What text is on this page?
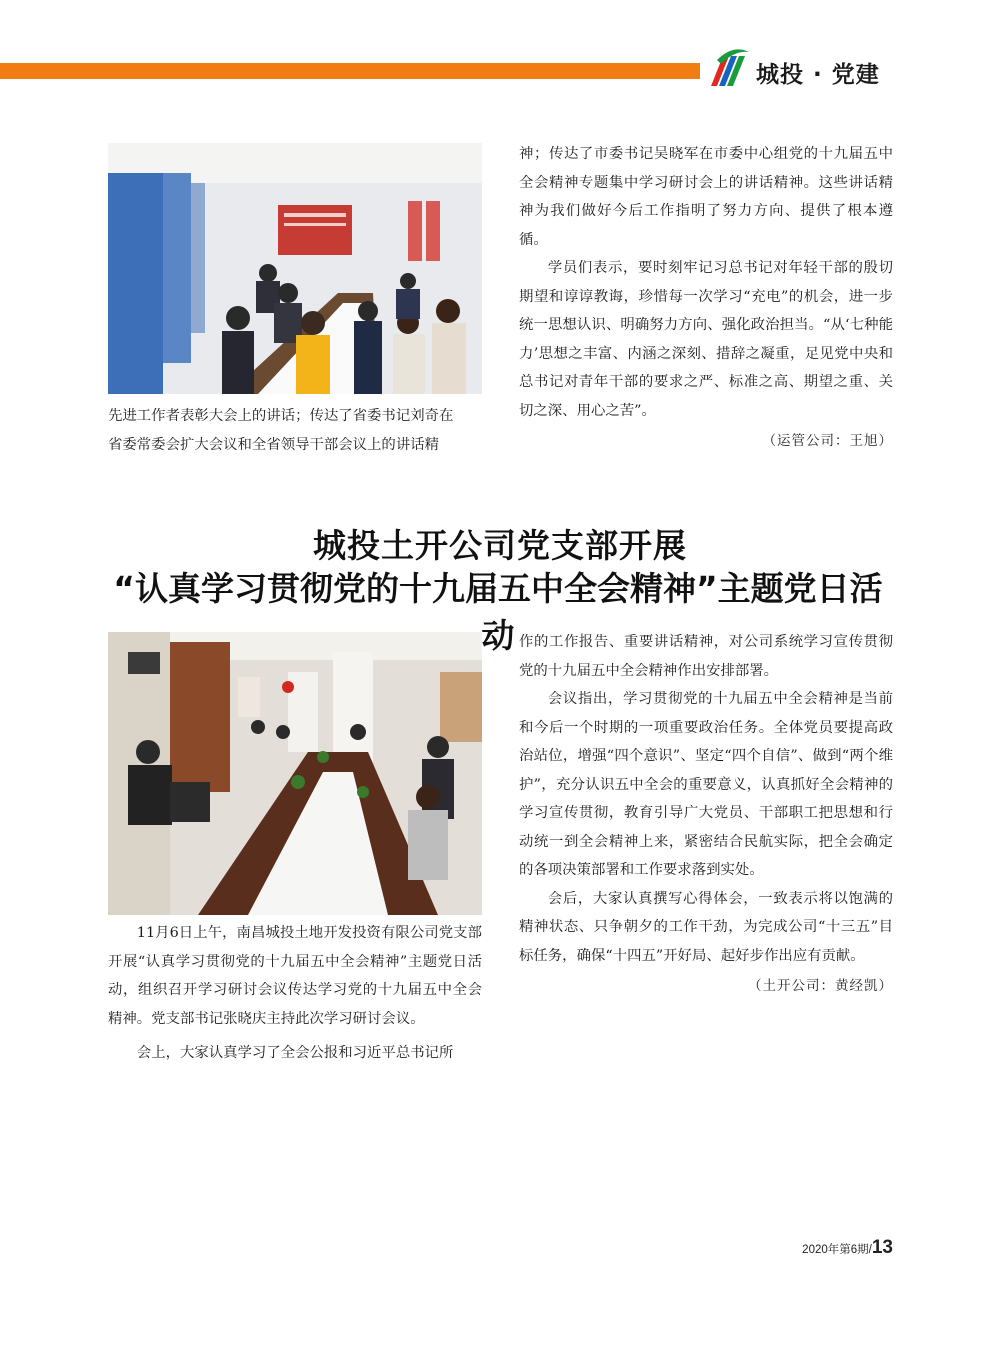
城投 · 党建

先进工作者表彰大会上的讲话；传达了省委书记刘奇在

省委常委会扩大会议和全省领导干部会议上的讲话精

神；传达了市委书记吴晓军在市委中心组党的十九届五中全会精神专题集中学习研讨会上的讲话精神。这些讲话精神为我们做好今后工作指明了努力方向、提供了根本遵循。

学员们表示，要时刻牢记习总书记对年轻干部的殷切期望和谆谆教诲，珍惜每一次学习“充电”的机会，进一步统一思想认识、明确努力方向、强化政治担当。“从‘七种能力’思想之丰富、内涵之深刻、措辞之凝重，足见党中央和总书记对青年干部的要求之严、标准之高、期望之重、关切之深、用心之苦”。

（运管公司：王旭）
城投土开公司党支部开展
“认真学习贯彻党的十九届五中全会精神”主题党日活动

11月6日上午，南昌城投土地开发投资有限公司党支部开展“认真学习贯彻党的十九届五中全会精神”主题党日活动，组织召开学习研讨会议传达学习党的十九届五中全会精神。党支部书记张晓庆主持此次学习研讨会议。

会上，大家认真学习了全会公报和习近平总书记所

作的工作报告、重要讲话精神，对公司系统学习宣传贯彻党的十九届五中全会精神作出安排部署。

会议指出，学习贯彻党的十九届五中全会精神是当前和今后一个时期的一项重要政治任务。全体党员要提高政治站位，增强“四个意识”、坚定“四个自信”、做到“两个维护”，充分认识五中全会的重要意义，认真抓好全会精神的学习宣传贯彻，教育引导广大党员、干部职工把思想和行动统一到全会精神上来，紧密结合民航实际，把全会确定的各项决策部署和工作要求落到实处。

会后，大家认真撰写心得体会，一致表示将以饱满的精神状态、只争朝夕的工作干劲，为完成公司“十三五”目标任务，确保“十四五”开好局、起好步作出应有贡献。

（土开公司：黄经凯）
2020年第6期/13
